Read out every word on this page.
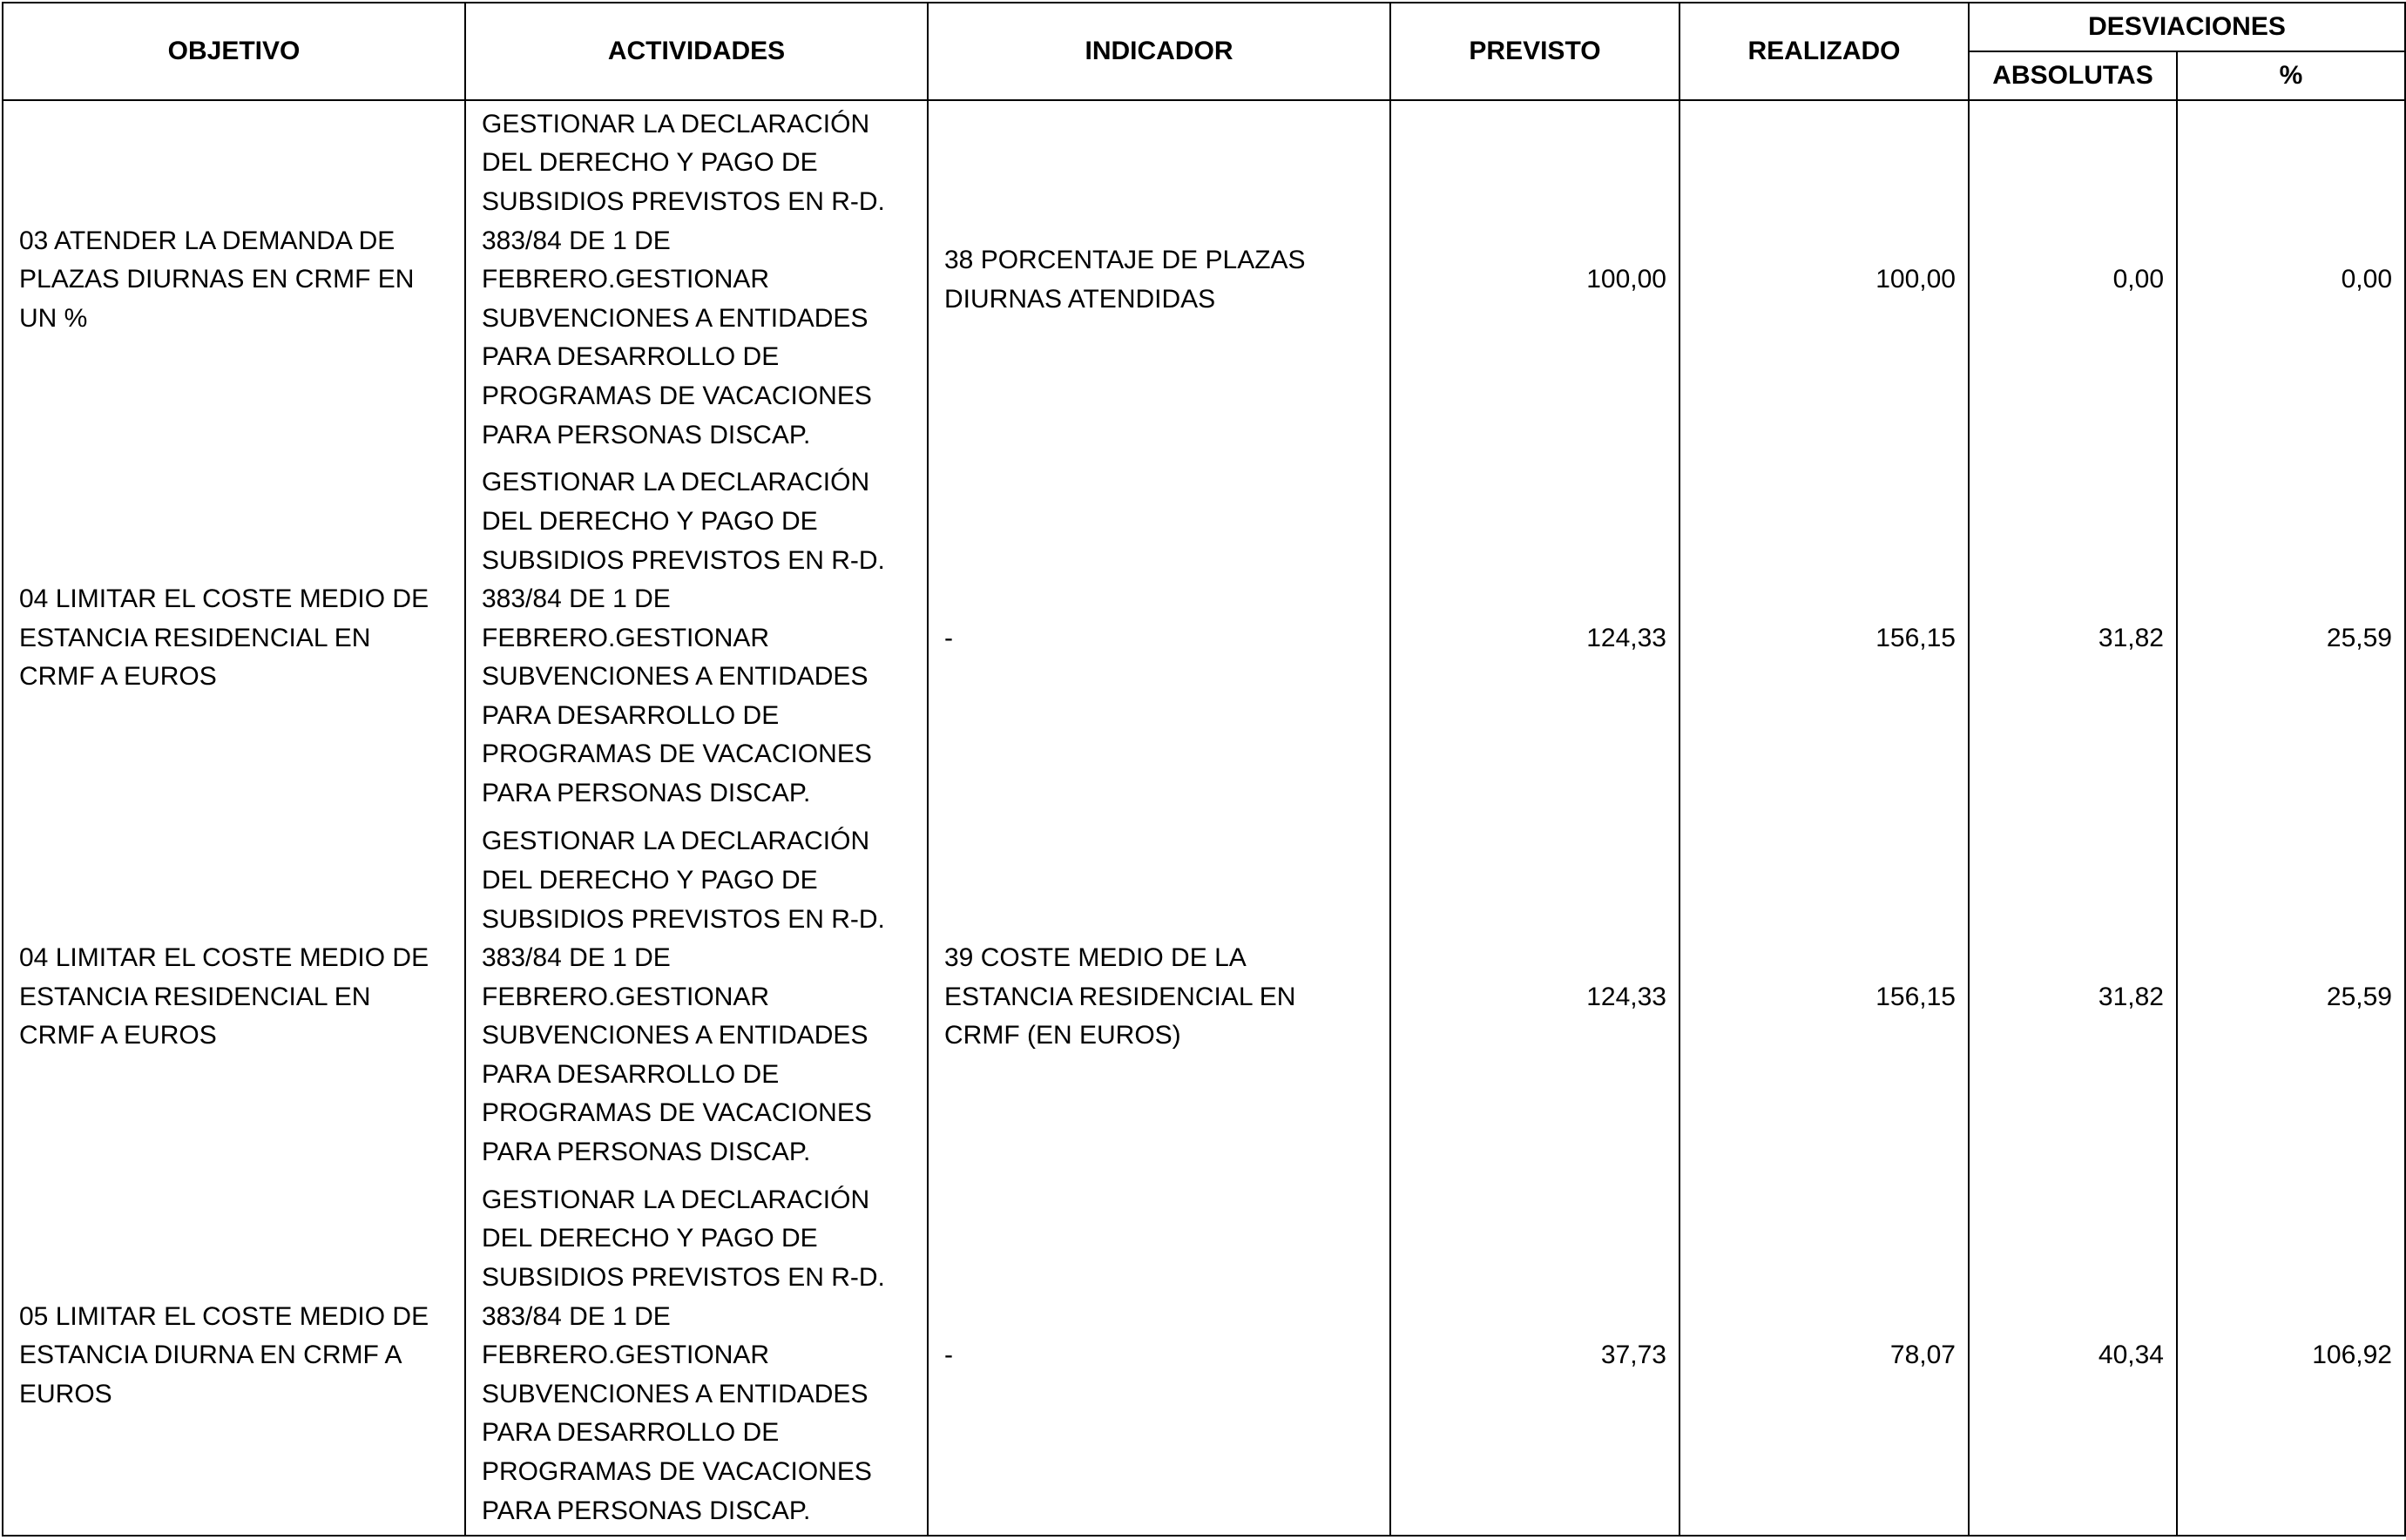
OBJETIVO	ACTIVIDADES	INDICADOR	PREVISTO	REALIZADO	DESVIACIONES	
					ABSOLUTAS	%
03 ATENDER LA DEMANDA DE PLAZAS DIURNAS EN CRMF EN UN %	GESTIONAR LA DECLARACIÓN DEL DERECHO Y PAGO DE SUBSIDIOS PREVISTOS EN R-D. 383/84 DE 1 DE FEBRERO.GESTIONAR SUBVENCIONES A ENTIDADES PARA DESARROLLO DE PROGRAMAS DE VACACIONES PARA PERSONAS DISCAP.	38 PORCENTAJE DE PLAZAS DIURNAS ATENDIDAS	100,00	100,00	0,00	0,00
04 LIMITAR EL COSTE MEDIO DE ESTANCIA RESIDENCIAL EN CRMF A EUROS	GESTIONAR LA DECLARACIÓN DEL DERECHO Y PAGO DE SUBSIDIOS PREVISTOS EN R-D. 383/84 DE 1 DE FEBRERO.GESTIONAR SUBVENCIONES A ENTIDADES PARA DESARROLLO DE PROGRAMAS DE VACACIONES PARA PERSONAS DISCAP.	-	124,33	156,15	31,82	25,59
04 LIMITAR EL COSTE MEDIO DE ESTANCIA RESIDENCIAL EN CRMF A EUROS	GESTIONAR LA DECLARACIÓN DEL DERECHO Y PAGO DE SUBSIDIOS PREVISTOS EN R-D. 383/84 DE 1 DE FEBRERO.GESTIONAR SUBVENCIONES A ENTIDADES PARA DESARROLLO DE PROGRAMAS DE VACACIONES PARA PERSONAS DISCAP.	39 COSTE MEDIO DE LA ESTANCIA RESIDENCIAL EN CRMF (EN EUROS)	124,33	156,15	31,82	25,59
05 LIMITAR EL COSTE MEDIO DE ESTANCIA DIURNA EN CRMF A EUROS	GESTIONAR LA DECLARACIÓN DEL DERECHO Y PAGO DE SUBSIDIOS PREVISTOS EN R-D. 383/84 DE 1 DE FEBRERO.GESTIONAR SUBVENCIONES A ENTIDADES PARA DESARROLLO DE PROGRAMAS DE VACACIONES PARA PERSONAS DISCAP.	-	37,73	78,07	40,34	106,92
